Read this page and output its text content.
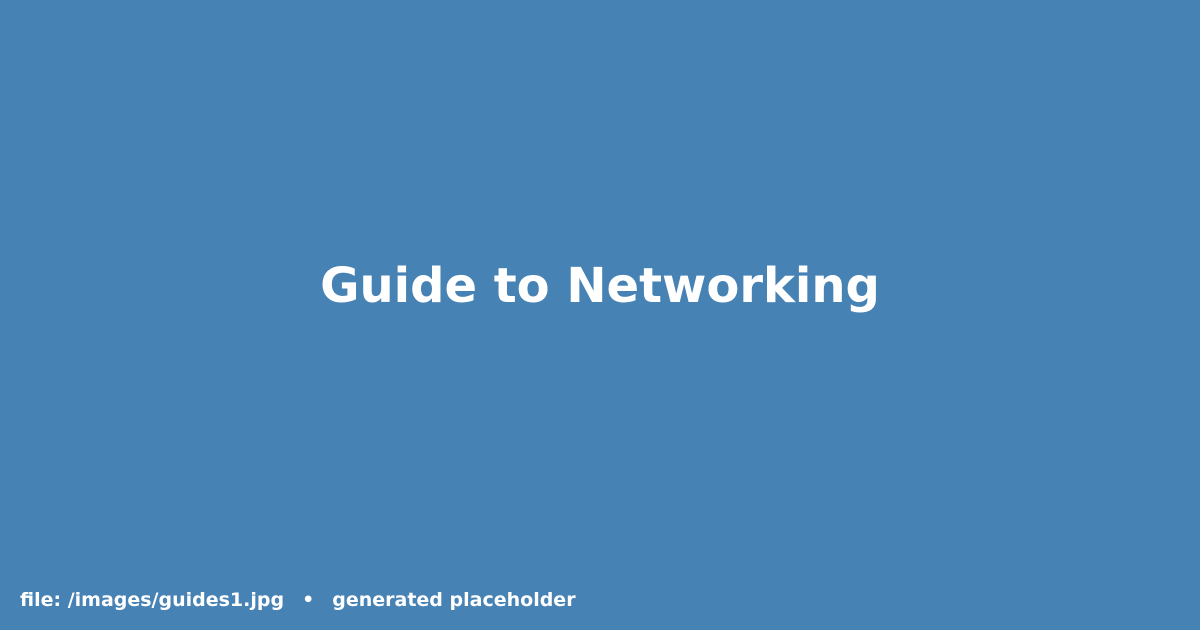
Guide to Networking
file: /images/guides1.jpg • generated placeholder
